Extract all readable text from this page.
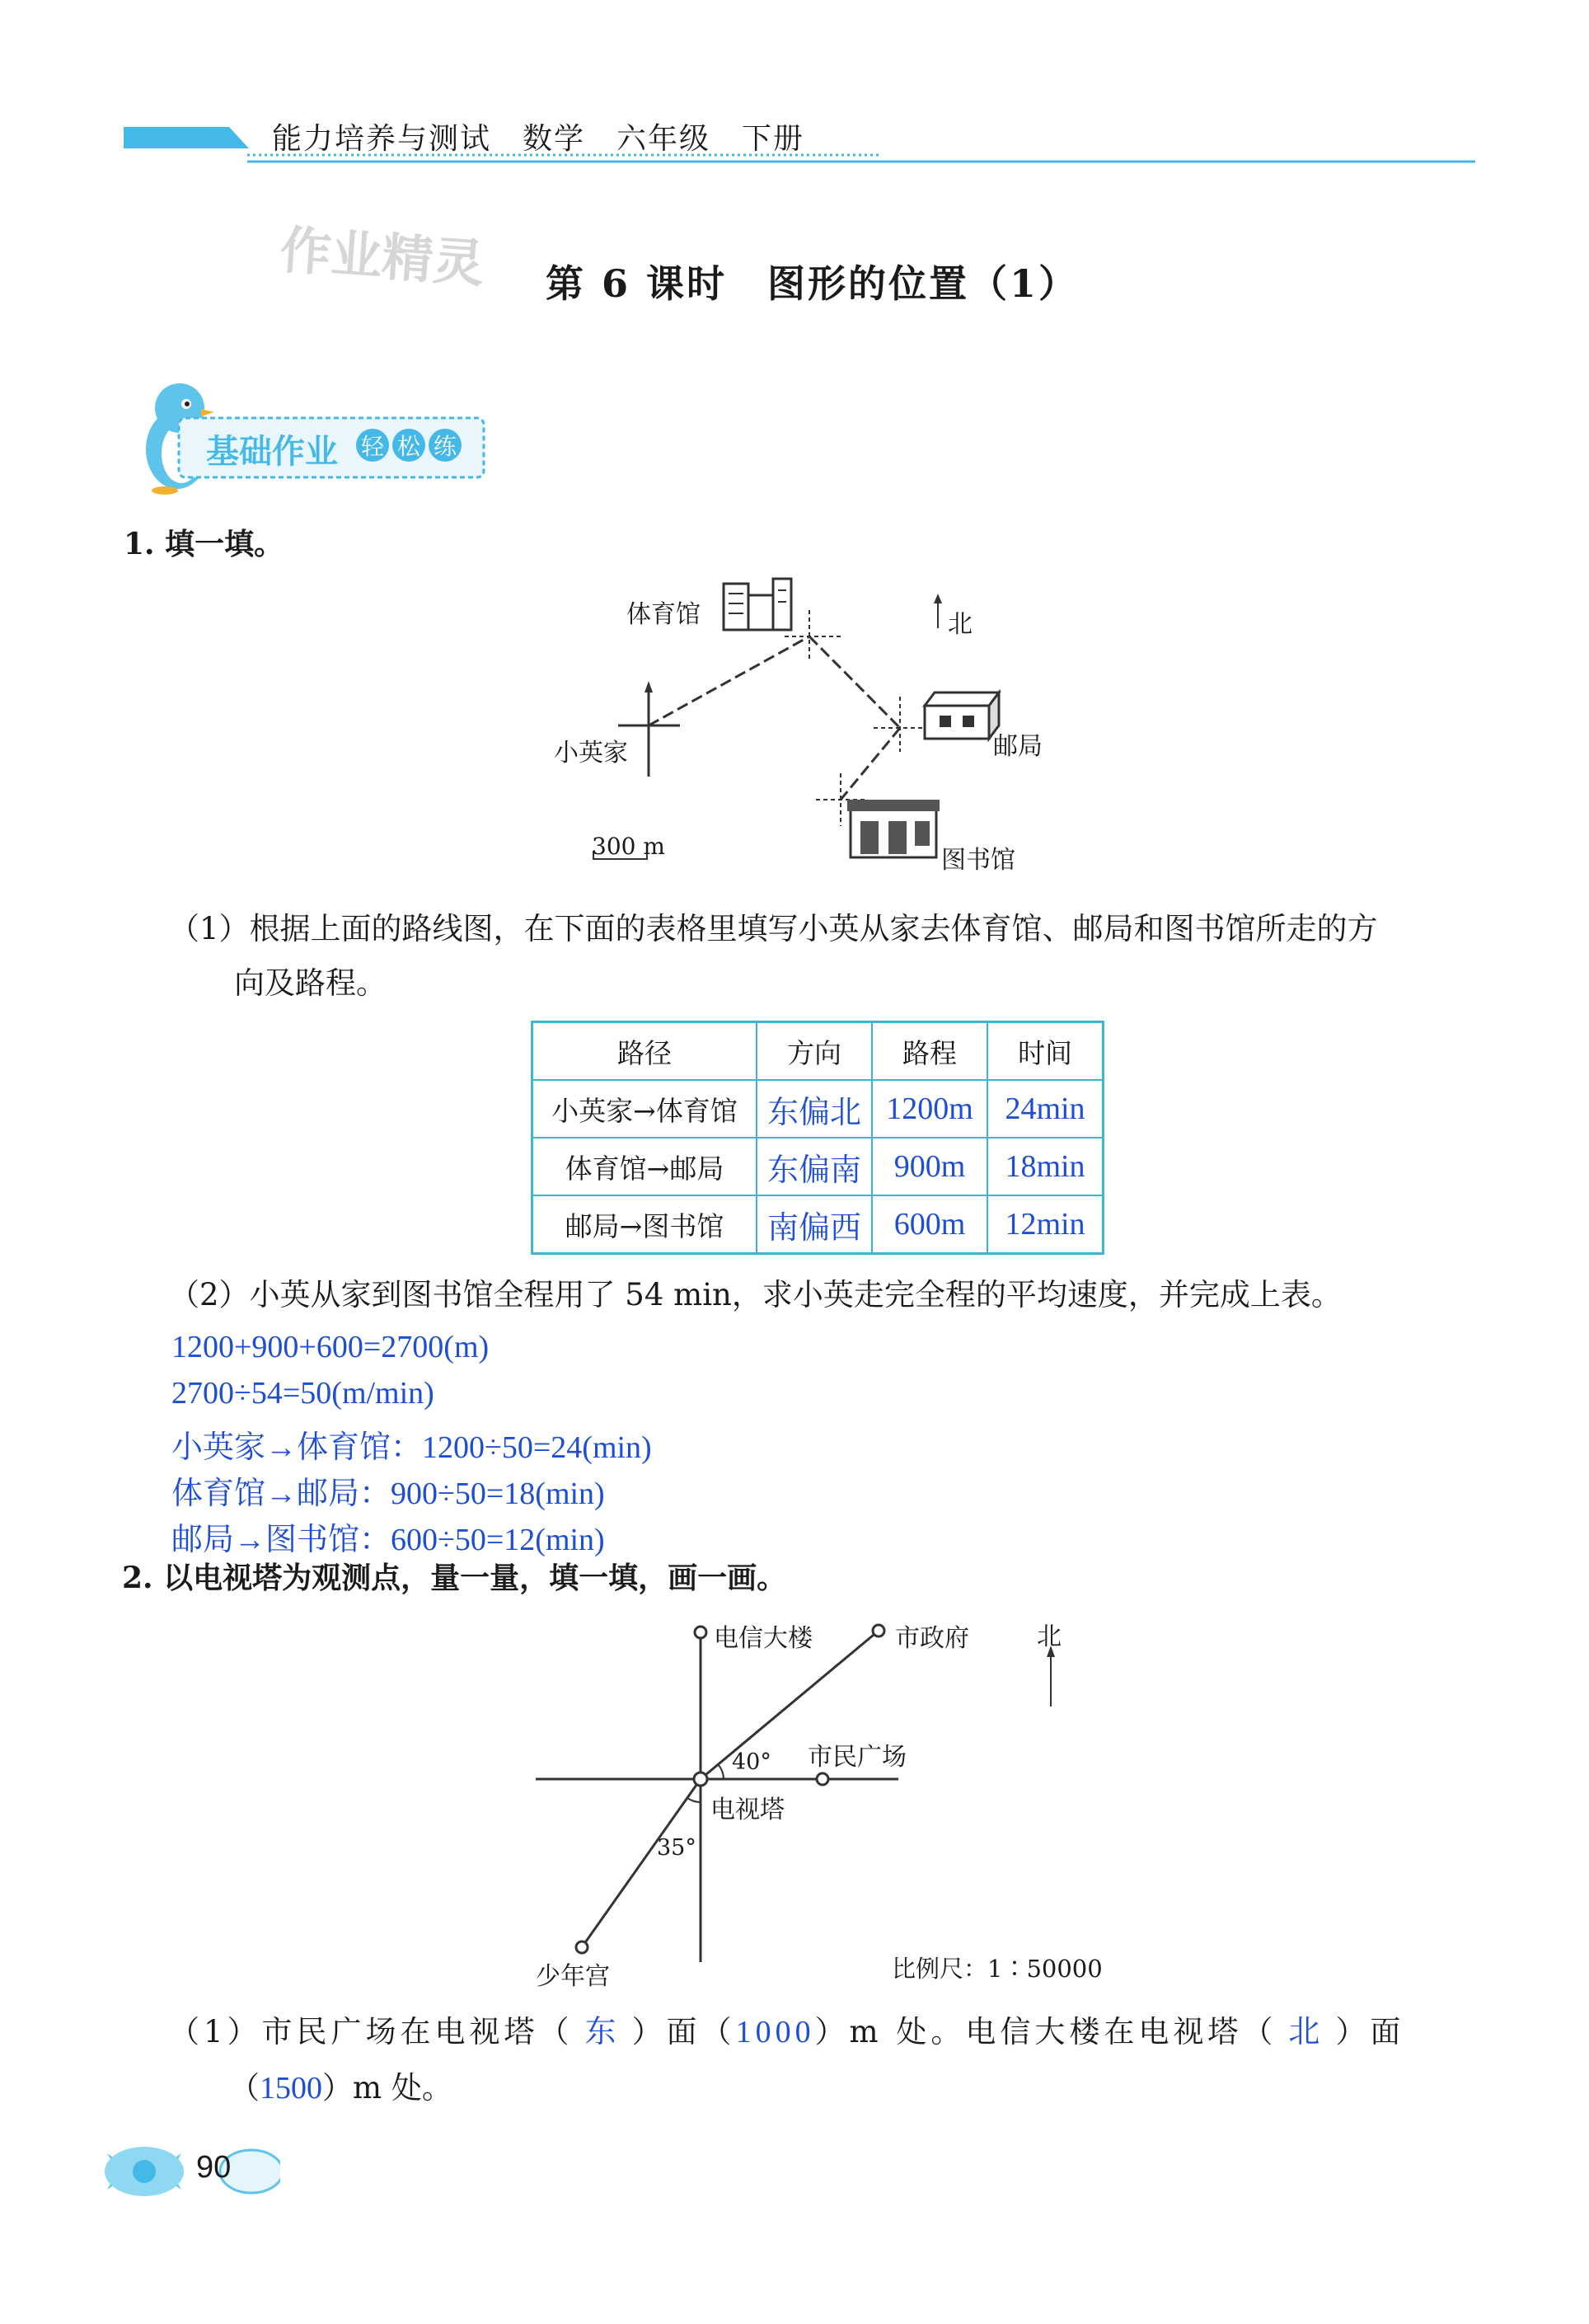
能力培养与测试　数学　六年级　下册
作业精灵 第 6 课时　图形的位置（1）
基础作业 轻 松 练
1. 填一填。
体育馆	北
小英家	邮局
图书馆
300 m
（1）根据上面的路线图，在下面的表格里填写小英从家去体育馆、邮局和图书馆所走的方
向及路程。
路径	方向	路程	时间
小英家→体育馆	东偏北	1200m	24min
体育馆→邮局	东偏南	900m	18min
邮局→图书馆	南偏西	600m	12min
（2）小英从家到图书馆全程用了 54 min，求小英走完全程的平均速度，并完成上表。
1200+900+600=2700(m)
2700÷54=50(m/min)
小英家→体育馆：1200÷50=24(min)
体育馆→邮局：900÷50=18(min)
邮局→图书馆：600÷50=12(min)
2. 以电视塔为观测点，量一量，填一填，画一画。
电信大楼	市政府	北
市民广场
40°
电视塔
35°
少年宫	比例尺：1∶50000
（1）市民广场在电视塔（ 东 ）面（1000）m 处。电信大楼在电视塔（ 北 ）面
（1500）m 处。
90
